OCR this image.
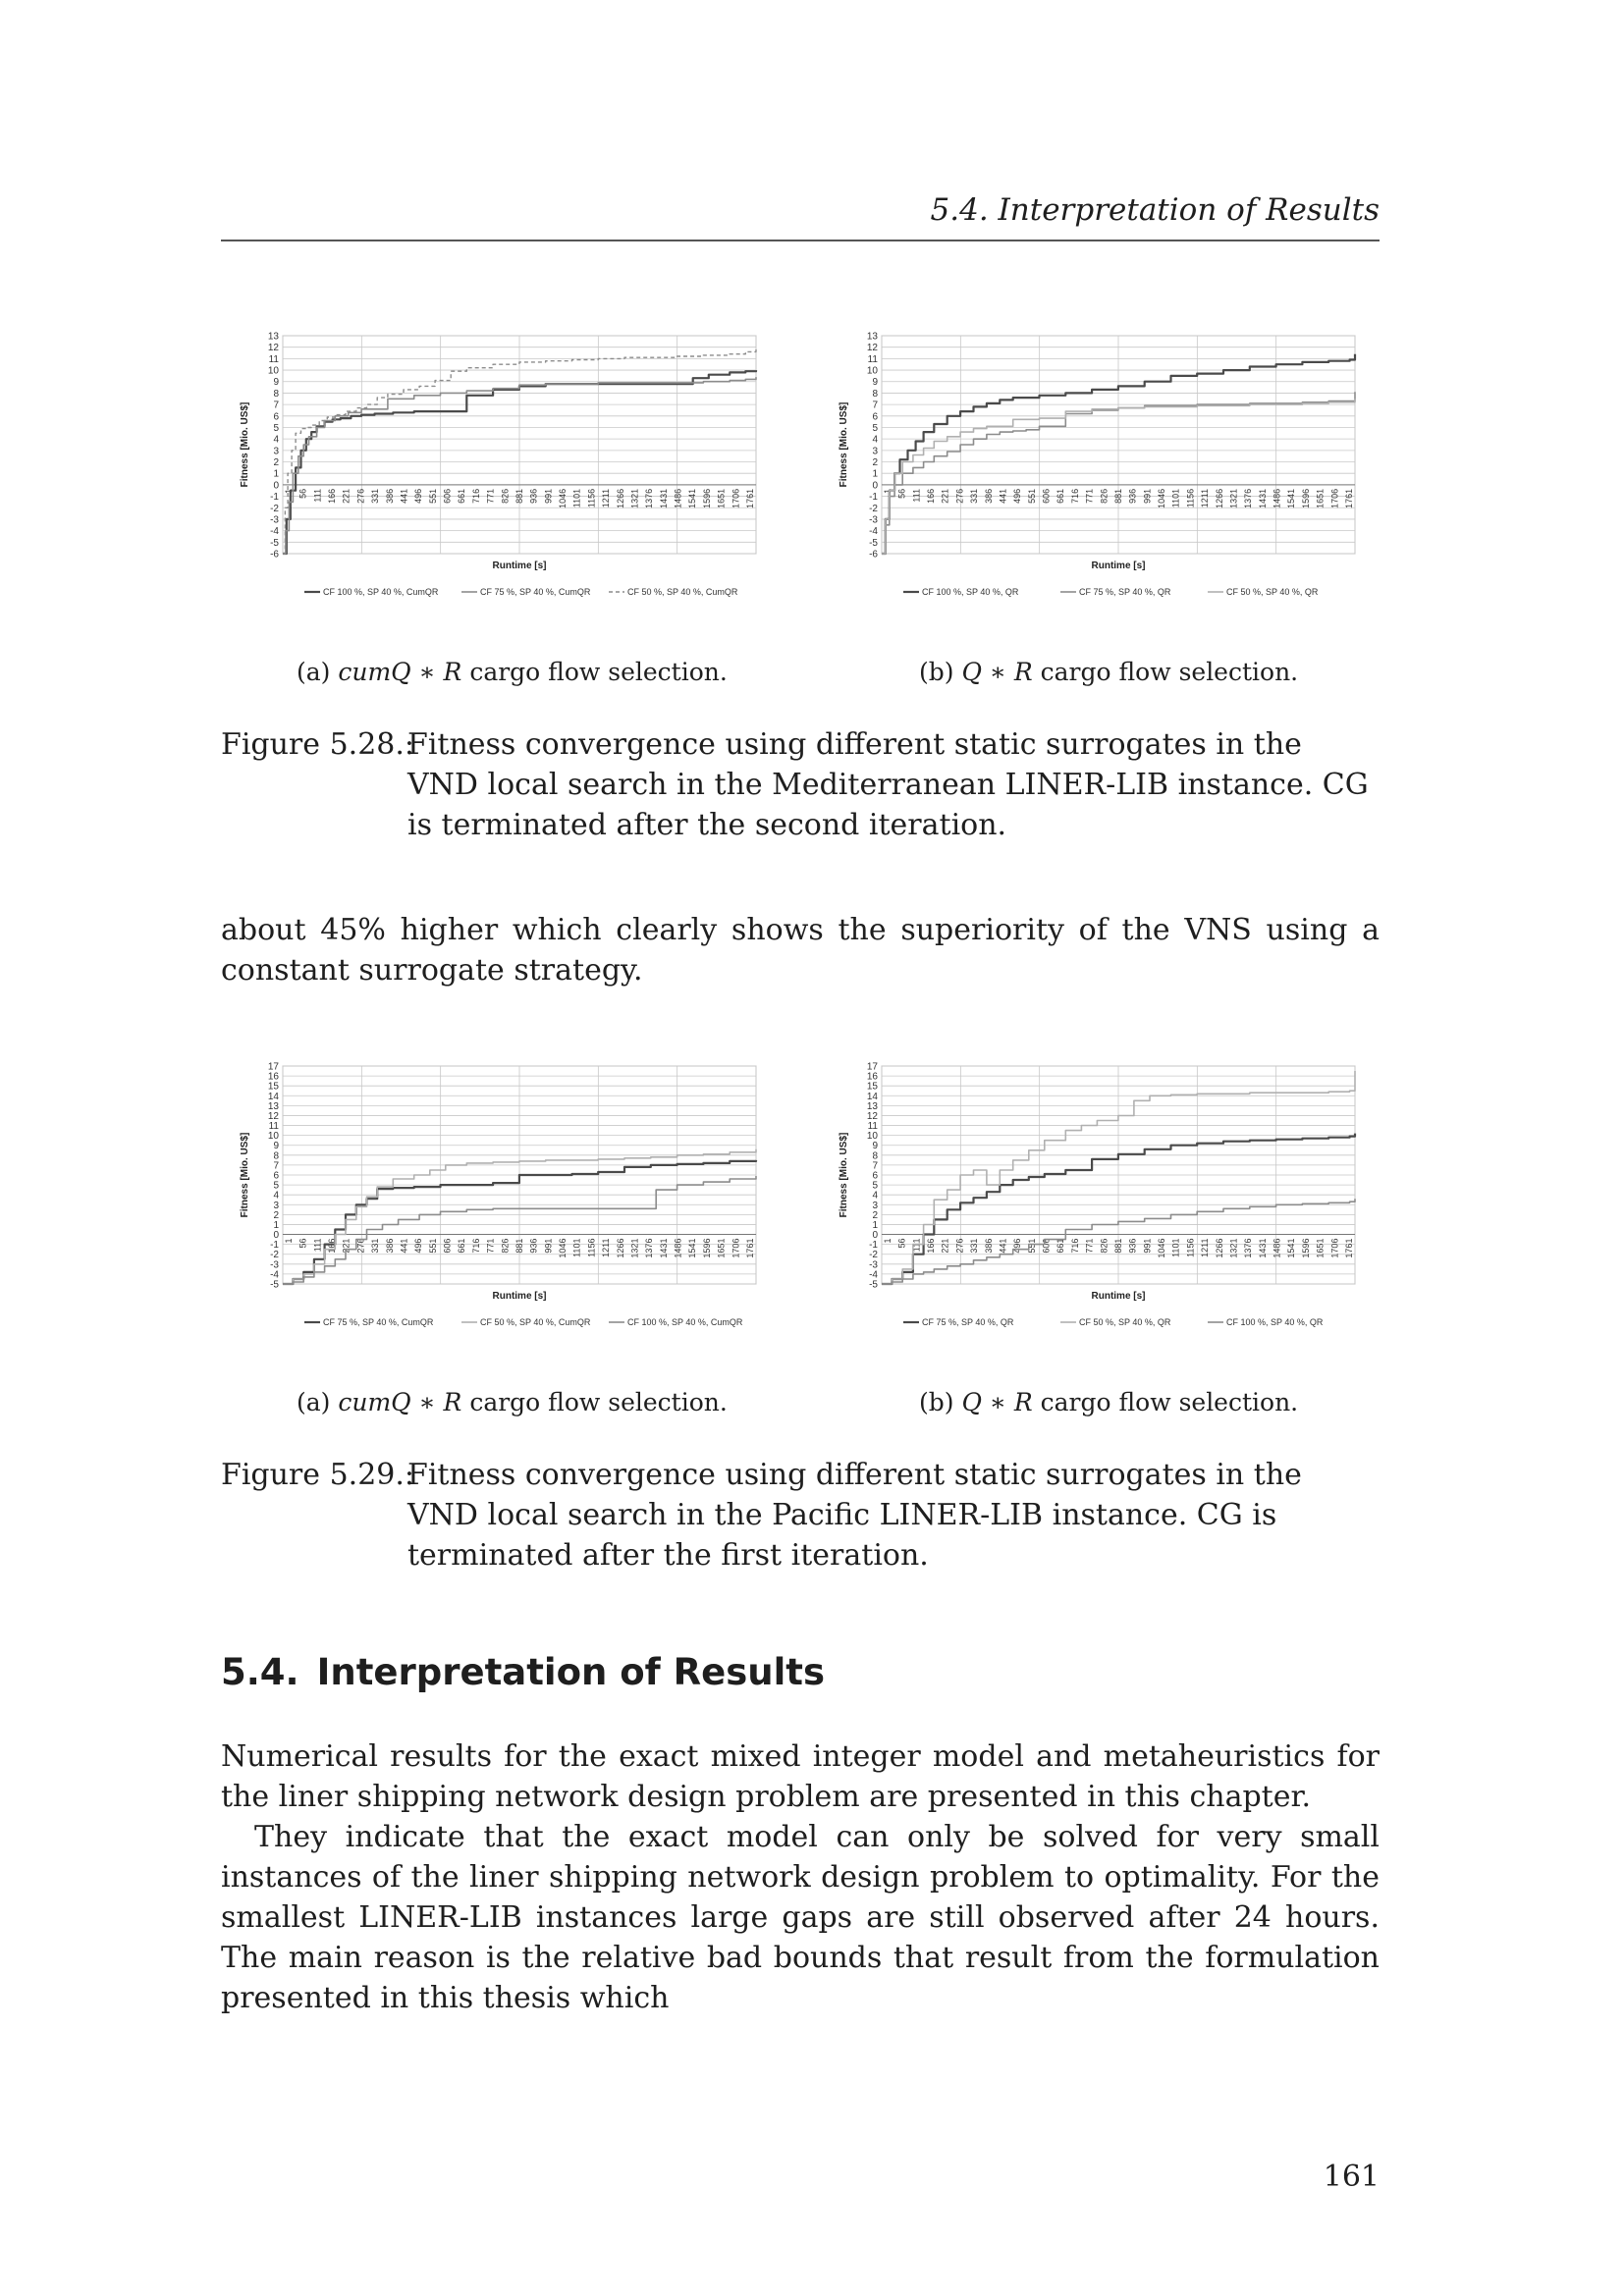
5.4. Interpretation of Results
-6
-5
-4
-3
-2
-1
0
1
2
3
4
5
6
7
8
9
10
11
12
13
1 56 111 166 221 276 331 386 441 496 551 606 661 716 771 826 881 936 991 1046 1101 1156 1211 1266 1321 1376 1431 1486 1541 1596 1651 1706 1761
Runtime [s]
Fitness [Mio. US$]
CF 100 %, SP 40 %, CumQR	CF 75 %, SP 40 %, CumQR	CF 50 %, SP 40 %, CumQR
-6
-5
-4
-3
-2
-1
0
1
2
3
4
5
6
7
8
9
10
11
12
13
1 56 111 166 221 276 331 386 441 496 551 606 661 716 771 826 881 936 991 1046 1101 1156 1211 1266 1321 1376 1431 1486 1541 1596 1651 1706 1761
Runtime [s]
Fitness [Mio. US$]
CF 100 %, SP 40 %, QR	CF 75 %, SP 40 %, QR	CF 50 %, SP 40 %, QR
(a) cumQ ∗ R cargo flow selection.	(b) Q ∗ R cargo flow selection.
Figure 5.28.:
Fitness convergence using different static surrogates in the VND local search in the Mediterranean LINER-LIB instance. CG is terminated after the second iteration.
about 45% higher which clearly shows the superiority of the VNS using a constant surrogate strategy.
-5
-4
-3
-2
-1
0
1
2
3
4
5
6
7
8
9
10
11
12
13
14
15
16
17
1 56 111 166 221 276 331 386 441 496 551 606 661 716 771 826 881 936 991 1046 1101 1156 1211 1266 1321 1376 1431 1486 1541 1596 1651 1706 1761
Runtime [s]
Fitness [Mio. US$]
CF 75 %, SP 40 %, CumQR	CF 50 %, SP 40 %, CumQR	CF 100 %, SP 40 %, CumQR
-5
-4
-3
-2
-1
0
1
2
3
4
5
6
7
8
9
10
11
12
13
14
15
16
17
1 56 111 166 221 276 331 386 441 496 551 606 661 716 771 826 881 936 991 1046 1101 1156 1211 1266 1321 1376 1431 1486 1541 1596 1651 1706 1761
Runtime [s]
Fitness [Mio. US$]
CF 75 %, SP 40 %, QR	CF 50 %, SP 40 %, QR	CF 100 %, SP 40 %, QR
(a) cumQ ∗ R cargo flow selection.	(b) Q ∗ R cargo flow selection.
Figure 5.29.:
Fitness convergence using different static surrogates in the VND local search in the Pacific LINER-LIB instance. CG is terminated after the first iteration.
5.4. Interpretation of Results
Numerical results for the exact mixed integer model and metaheuristics for the liner shipping network design problem are presented in this chapter.
They indicate that the exact model can only be solved for very small instances of the liner shipping network design problem to optimality. For the smallest LINER-LIB instances large gaps are still observed after 24 hours. The main reason is the relative bad bounds that result from the formulation presented in this thesis which
161
